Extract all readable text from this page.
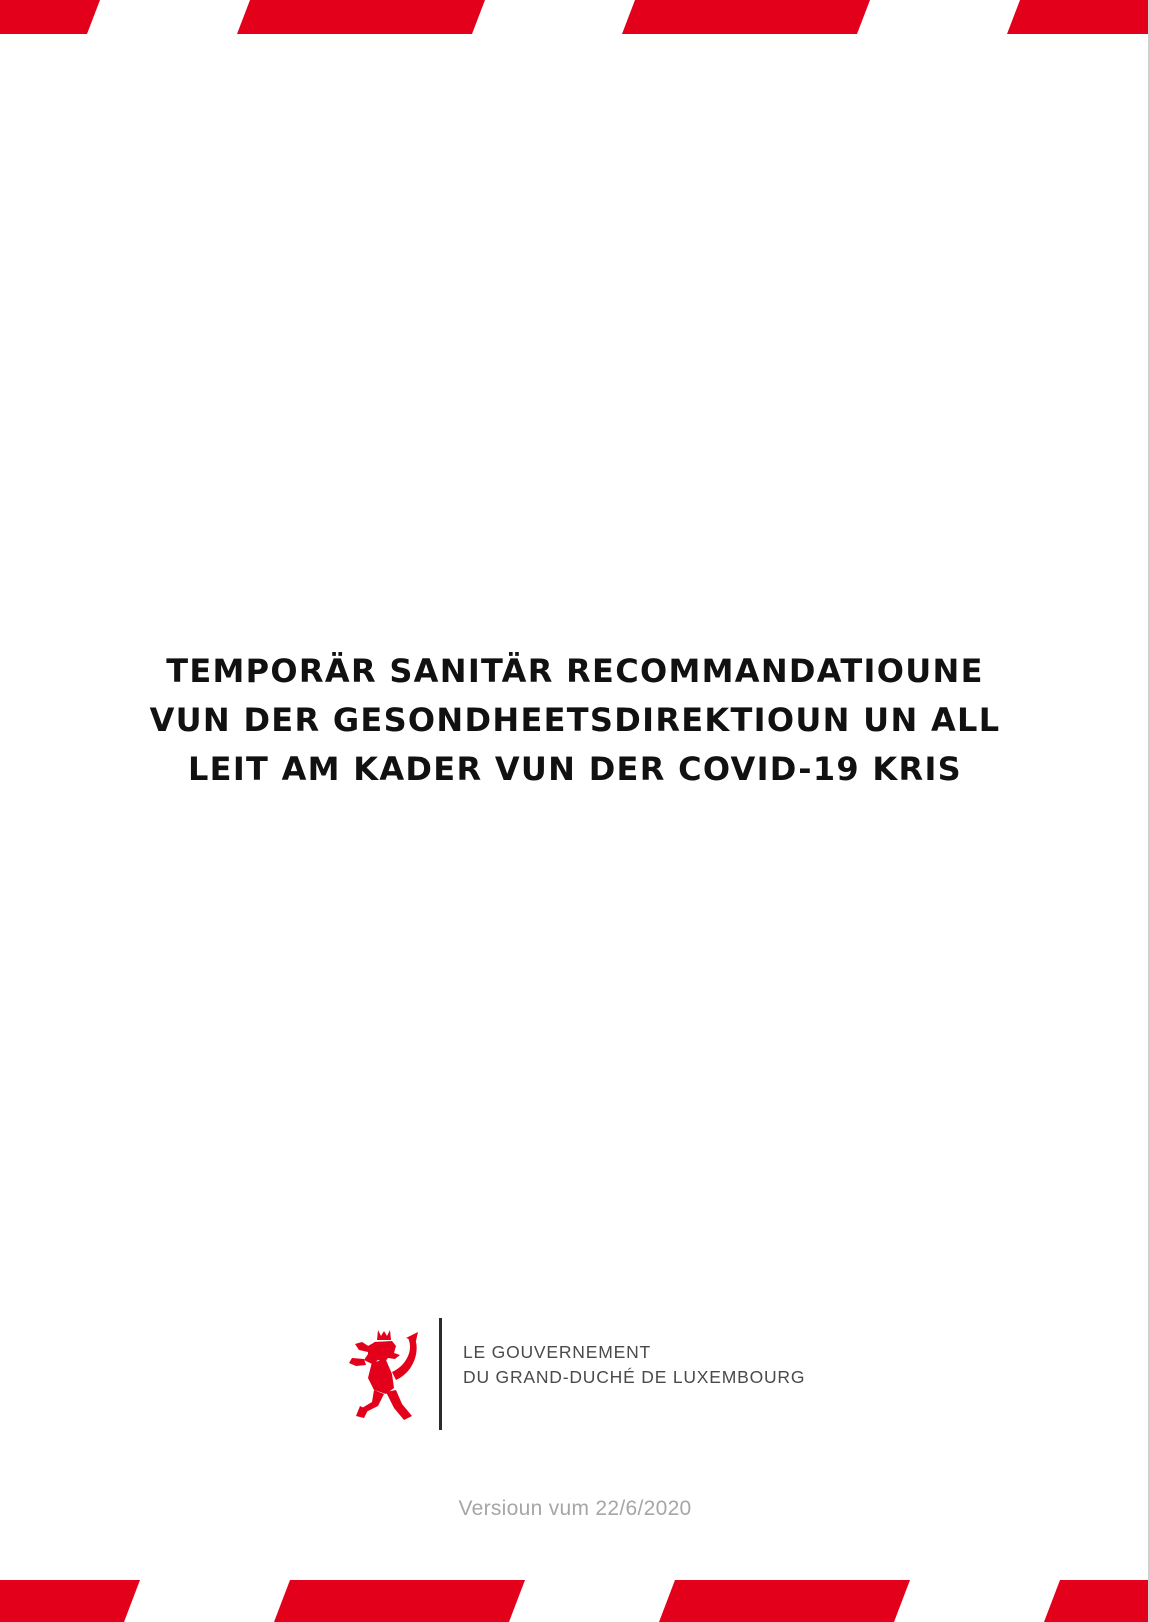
TEMPORÄR SANITÄR RECOMMANDATIOUNE
VUN DER GESONDHEETSDIREKTIOUN UN ALL
LEIT AM KADER VUN DER COVID-19 KRIS
LE GOUVERNEMENT
DU GRAND-DUCHÉ DE LUXEMBOURG
Versioun vum 22/6/2020
